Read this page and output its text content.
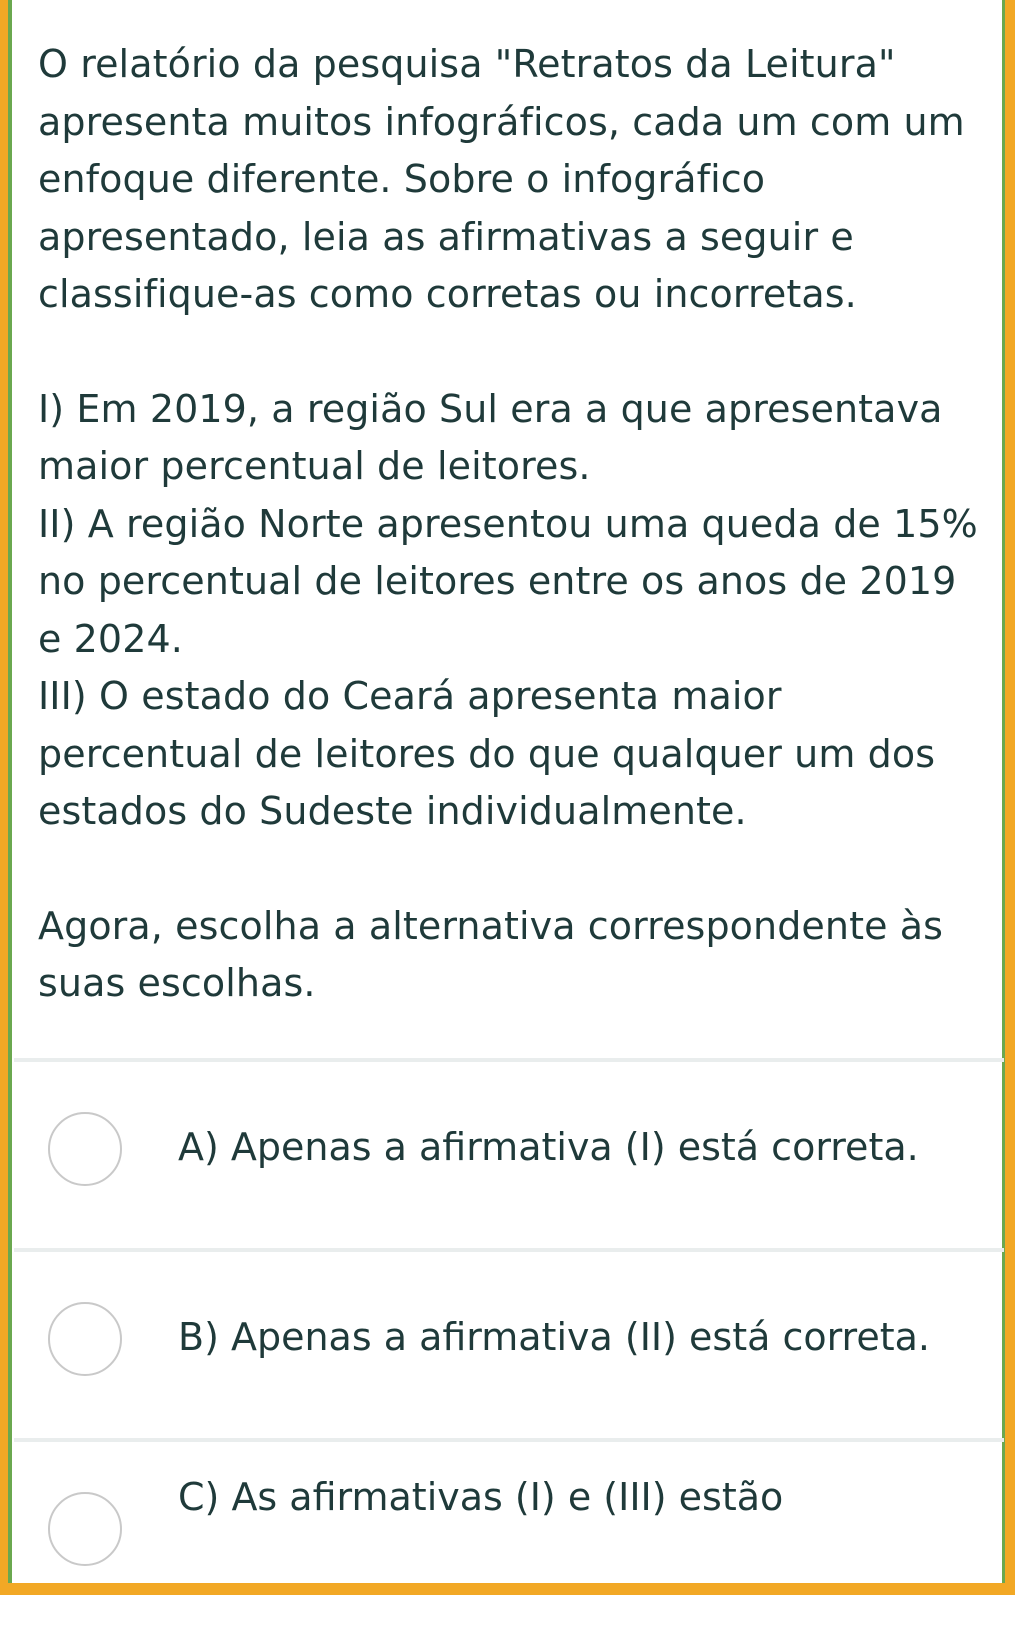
O relatório da pesquisa "Retratos da Leitura" apresenta muitos infográficos, cada um com um enfoque diferente. Sobre o infográfico apresentado, leia as afirmativas a seguir e classifique-as como corretas ou incorretas.

I) Em 2019, a região Sul era a que apresentava maior percentual de leitores.

II) A região Norte apresentou uma queda de 15% no percentual de leitores entre os anos de 2019 e 2024.

III) O estado do Ceará apresenta maior percentual de leitores do que qualquer um dos estados do Sudeste individualmente.

Agora, escolha a alternativa correspondente às suas escolhas.

A) Apenas a afirmativa (I) está correta.
B) Apenas a afirmativa (II) está correta.
C) As afirmativas (I) e (III) estão
